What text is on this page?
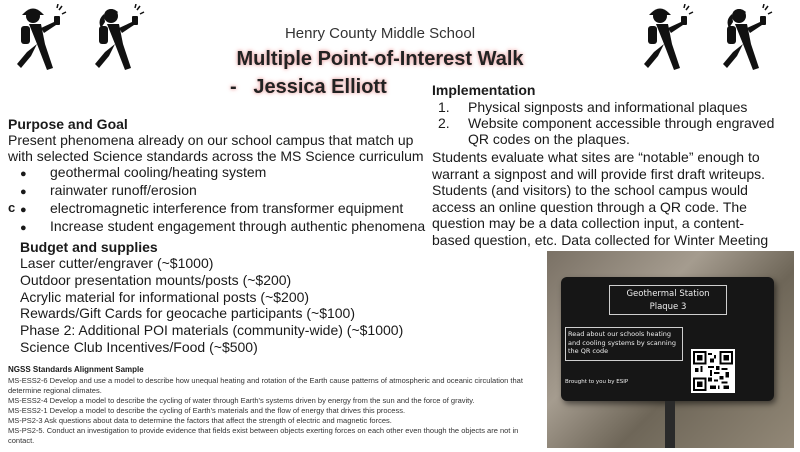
Henry County Middle School
Multiple Point-of-Interest Walk
-   Jessica Elliott	Implementation
1.	Physical signposts and informational plaques
2.	Website component accessible through engraved QR codes on the plaques.
Students evaluate what sites are “notable” enough to warrant a signpost and will provide first draft writeups. Students (and visitors) to the school campus would access an online question through a QR code. The question may be a data collection input, a content-based question, etc. Data collected for Winter Meeting
Purpose and Goal
Present phenomena already on our school campus that match up with selected Science standards across the MS Science curriculum
●	geothermal cooling/heating system
●	rainwater runoff/erosion
●	electromagnetic interference from transformer equipment
●	Increase student engagement through authentic phenomena
c
Budget and supplies
Laser cutter/engraver (~$1000)
Outdoor presentation mounts/posts (~$200)
Acrylic material for informational posts (~$200)
Rewards/Gift Cards for geocache participants (~$100)
Phase 2: Additional POI materials (community-wide) (~$1000)
Science Club Incentives/Food (~$500)
NGSS Standards Alignment Sample
MS-ESS2-6 Develop and use a model to describe how unequal heating and rotation of the Earth cause patterns of atmospheric and oceanic circulation that determine regional climates.
MS-ESS2-4 Develop a model to describe the cycling of water through Earth's systems driven by energy from the sun and the force of gravity.
MS-ESS2-1 Develop a model to describe the cycling of Earth's materials and the flow of energy that drives this process.
MS-PS2-3 Ask questions about data to determine the factors that affect the strength of electric and magnetic forces.
MS-PS2-5. Conduct an investigation to provide evidence that fields exist between objects exerting forces on each other even though the objects are not in contact.
Geothermal Station
Plaque 3
Read about our schools heating and cooling systems by scanning the QR code
Brought to you by ESIP
